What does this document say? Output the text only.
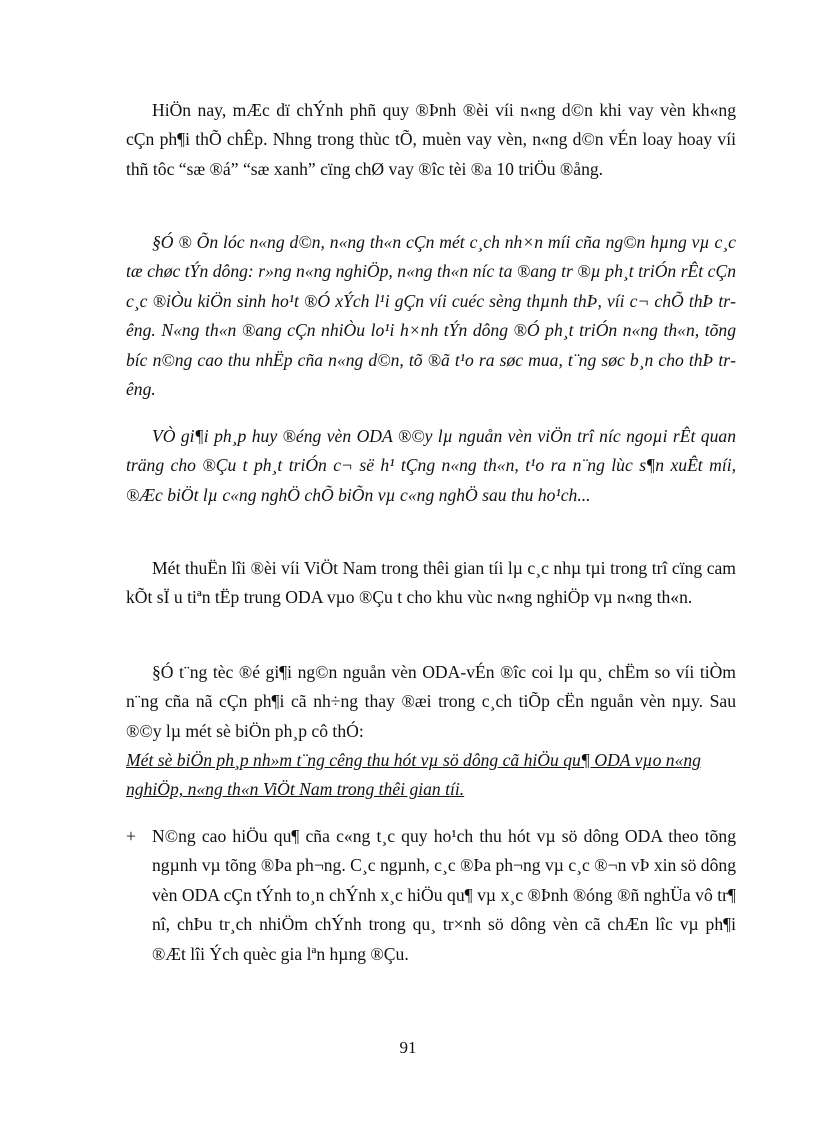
HiÖn nay, mÆc dï chÝnh phñ quy ®Þnh ®èi víi n«ng d©n khi vay vèn kh«ng cÇn ph¶i thÕ chÊp. Nhng trong thùc tÕ, muèn vay vèn, n«ng d©n vÉn loay hoay víi thñ tôc “sæ ®á” “sæ xanh” cïng chØ vay ®îc tèi ®a 10 triÖu ®ång.

§Ó ® Õn lóc n«ng d©n, n«ng th«n cÇn mét c¸ch nh×n míi cña ng©n hµng vµ c¸c tæ chøc tÝn dông: r»ng n«ng nghiÖp, n«ng th«n níc ta ®ang tr ®µ ph¸t triÓn rÊt cÇn c¸c ®iÒu kiÖn sinh ho¹t ®Ó xÝch l¹i gÇn víi cuéc sèng thµnh thÞ, víi c¬ chÕ thÞ trêng. N«ng th«n ®ang cÇn nhiÒu lo¹i h×nh tÝn dông ®Ó ph¸t triÓn n«ng th«n, tõng bíc n©ng cao thu nhËp cña n«ng d©n, tõ ®ã t¹o ra søc mua, t¨ng søc b¸n cho thÞ trêng.

VÒ gi¶i ph¸p huy ®éng vèn ODA ®©y lµ nguån vèn viÖn trî níc ngoµi rÊt quan träng cho ®Çu t ph¸t triÓn c¬ së h¹ tÇng n«ng th«n, t¹o ra n¨ng lùc s¶n xuÊt míi, ®Æc biÖt lµ c«ng nghÖ chÕ biÕn vµ c«ng nghÖ sau thu ho¹ch...

Mét thuËn lîi ®èi víi ViÖt Nam trong thêi gian tíi lµ c¸c nhµ tµi trong trî cïng cam kÕt sÏ u tiªn tËp trung ODA vµo ®Çu t cho khu vùc n«ng nghiÖp vµ n«ng th«n.

§Ó t¨ng tèc ®é gi¶i ng©n nguån vèn ODA-vÉn ®îc coi lµ qu¸ chËm so víi tiÒm n¨ng cña nã cÇn ph¶i cã nh÷ng thay ®æi trong c¸ch tiÕp cËn nguån vèn nµy. Sau ®©y lµ mét sè biÖn ph¸p cô thÓ:

Mét sè biÖn ph¸p nh»m t¨ng cêng thu hót vµ sö dông cã hiÖu qu¶ ODA vµo n«ng nghiÖp, n«ng th«n ViÖt Nam trong thêi gian tíi.

+ N©ng cao hiÖu qu¶ cña c«ng t¸c quy ho¹ch thu hót vµ sö dông ODA theo tõng ngµnh vµ tõng ®Þa ph¬ng. C¸c ngµnh, c¸c ®Þa ph¬ng vµ c¸c ®¬n vÞ xin sö dông vèn ODA cÇn tÝnh to¸n chÝnh x¸c hiÖu qu¶ vµ x¸c ®Þnh ®óng ®ñ nghÜa vô tr¶ nî, chÞu tr¸ch nhiÖm chÝnh trong qu¸ tr×nh sö dông vèn cã chÆn lîc vµ ph¶i ®Æt lîi Ých quèc gia lªn hµng ®Çu.

91
